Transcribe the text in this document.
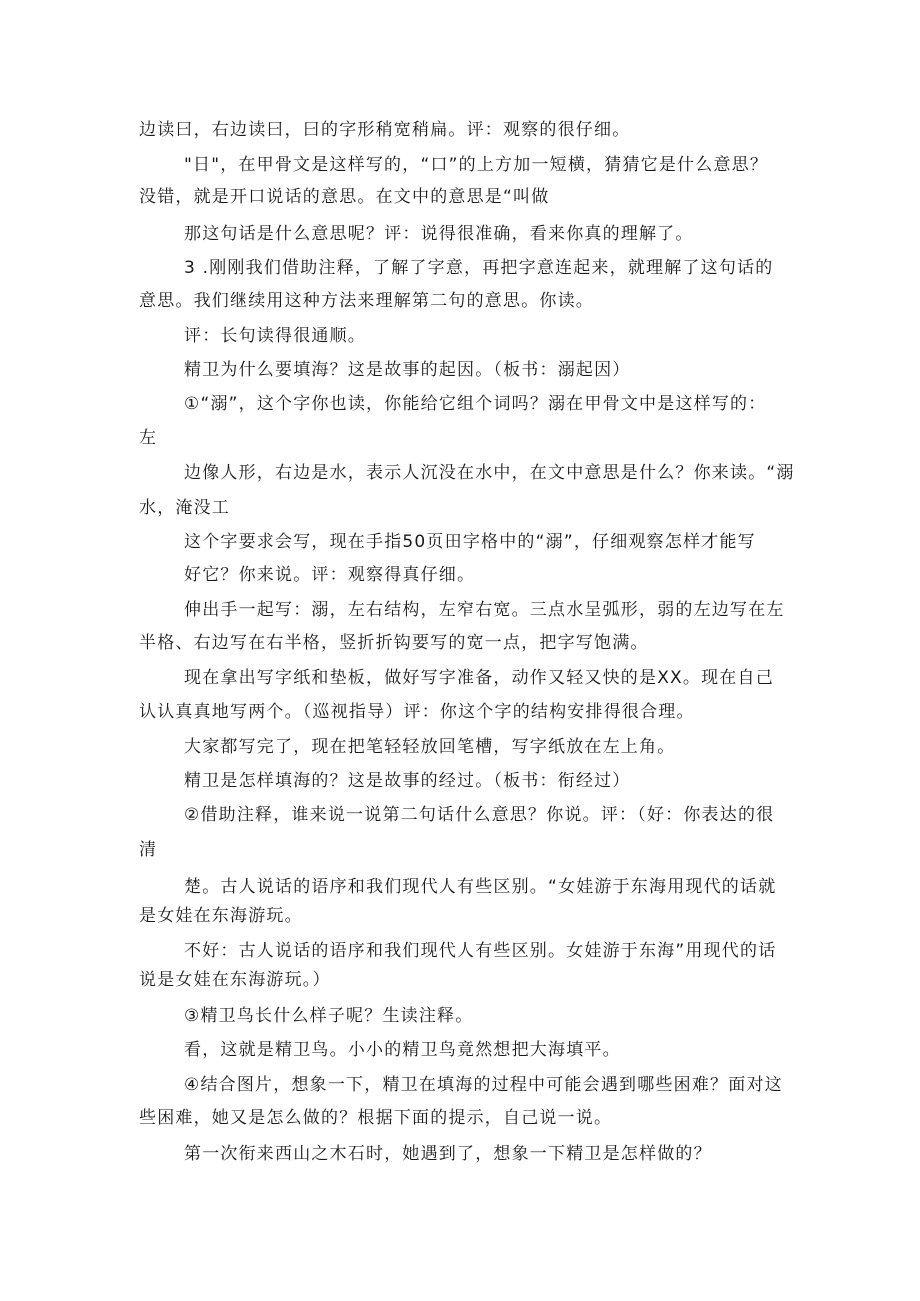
边读曰，右边读曰，曰的字形稍宽稍扁。评：观察的很仔细。
"日"，在甲骨文是这样写的，“口”的上方加一短横，猜猜它是什么意思？
没错，就是开口说话的意思。在文中的意思是“叫做
那这句话是什么意思呢？评：说得很准确，看来你真的理解了。
3 .刚刚我们借助注释，了解了字意，再把字意连起来，就理解了这句话的
意思。我们继续用这种方法来理解第二句的意思。你读。
评：长句读得很通顺。
精卫为什么要填海？这是故事的起因。（板书：溺起因）
①“溺”，这个字你也读，你能给它组个词吗？溺在甲骨文中是这样写的：
左
边像人形，右边是水，表示人沉没在水中，在文中意思是什么？你来读。“溺
水，淹没工
这个字要求会写，现在手指50页田字格中的“溺”，仔细观察怎样才能写
好它？你来说。评：观察得真仔细。
伸出手一起写：溺，左右结构，左窄右宽。三点水呈弧形，弱的左边写在左
半格、右边写在右半格，竖折折钩要写的宽一点，把字写饱满。
现在拿出写字纸和垫板，做好写字准备，动作又轻又快的是XX。现在自己
认认真真地写两个。（巡视指导）评：你这个字的结构安排得很合理。
大家都写完了，现在把笔轻轻放回笔槽，写字纸放在左上角。
精卫是怎样填海的？这是故事的经过。（板书：衔经过）
②借助注释，谁来说一说第二句话什么意思？你说。评：（好：你表达的很
清
楚。古人说话的语序和我们现代人有些区别。“女娃游于东海用现代的话就
是女娃在东海游玩。
不好：古人说话的语序和我们现代人有些区别。女娃游于东海”用现代的话
说是女娃在东海游玩。）
③精卫鸟长什么样子呢？生读注释。
看，这就是精卫鸟。小小的精卫鸟竟然想把大海填平。
④结合图片，想象一下，精卫在填海的过程中可能会遇到哪些困难？面对这
些困难，她又是怎么做的？根据下面的提示，自己说一说。
第一次衔来西山之木石时，她遇到了，想象一下精卫是怎样做的？
